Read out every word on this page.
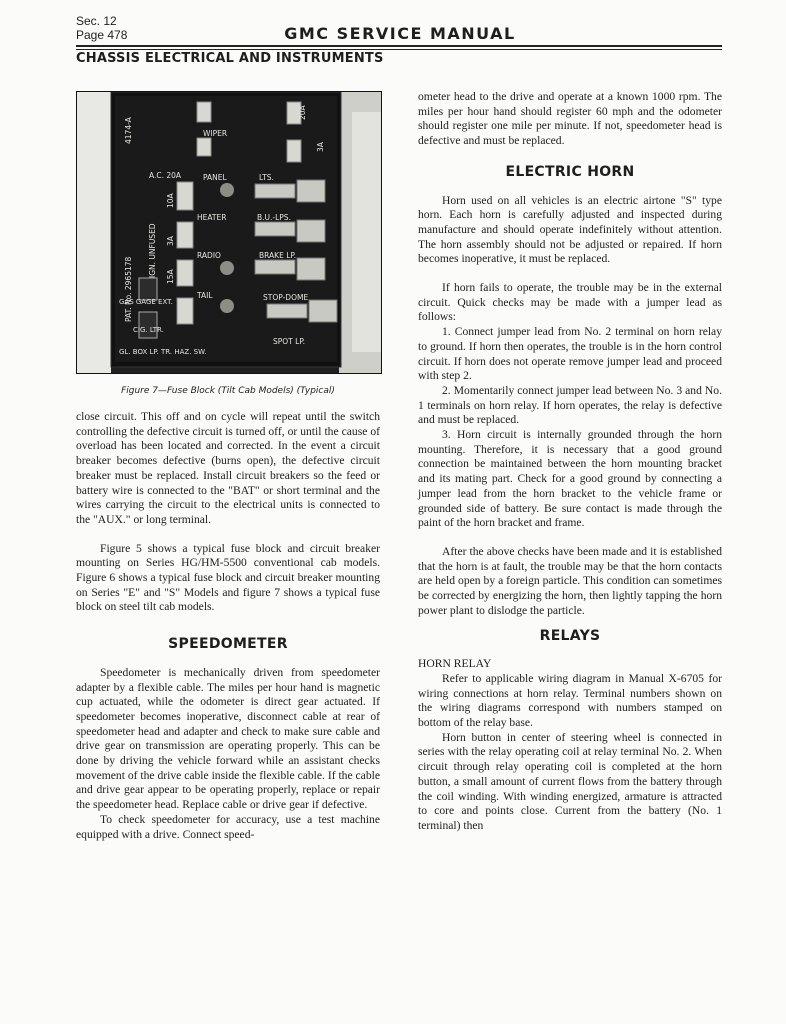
Sec. 12
Page 478	GMC SERVICE MANUAL
CHASSIS ELECTRICAL AND INSTRUMENTS
WIPER
20A
A.C. 20A	PANEL	LTS.
10A
3A
HEATER	B.U.-LPS.
RADIO	BRAKE LP.
3A
15A
TAIL	STOP-DOME
SPOT LP.
IGN. UNFUSED
PAT. No. 2965178
4174-A
GAS GAGE EXT.
CIG. LTR.
GL. BOX LP. TR. HAZ. SW.
Figure 7—Fuse Block (Tilt Cab Models) (Typical)

close circuit. This off and on cycle will repeat until the switch controlling the defective circuit is turned off, or until the cause of overload has been located and corrected. In the event a circuit breaker becomes defective (burns open), the defective circuit breaker must be replaced. Install circuit breakers so the feed or battery wire is connected to the "BAT" or short terminal and the wires carrying the circuit to the electrical units is connected to the "AUX." or long terminal.

Figure 5 shows a typical fuse block and circuit breaker mounting on Series HG/HM-5500 conventional cab models. Figure 6 shows a typical fuse block and circuit breaker mounting on Series "E" and "S" Models and figure 7 shows a typical fuse block on steel tilt cab models.

SPEEDOMETER

Speedometer is mechanically driven from speedometer adapter by a flexible cable. The miles per hour hand is magnetic cup actuated, while the odometer is direct gear actuated. If speedometer becomes inoperative, disconnect cable at rear of speedometer head and adapter and check to make sure cable and drive gear on transmission are operating properly. This can be done by driving the vehicle forward while an assistant checks movement of the drive cable inside the flexible cable. If the cable and drive gear appear to be operating properly, replace or repair the speedometer head. Replace cable or drive gear if defective.

To check speedometer for accuracy, use a test machine equipped with a drive. Connect speed-

ometer head to the drive and operate at a known 1000 rpm. The miles per hour hand should register 60 mph and the odometer should register one mile per minute. If not, speedometer head is defective and must be replaced.

ELECTRIC HORN

Horn used on all vehicles is an electric airtone "S" type horn. Each horn is carefully adjusted and inspected during manufacture and should operate indefinitely without attention. The horn assembly should not be adjusted or repaired. If horn becomes inoperative, it must be replaced.

If horn fails to operate, the trouble may be in the external circuit. Quick checks may be made with a jumper lead as follows:

1. Connect jumper lead from No. 2 terminal on horn relay to ground. If horn then operates, the trouble is in the horn control circuit. If horn does not operate remove jumper lead and proceed with step 2.

2. Momentarily connect jumper lead between No. 3 and No. 1 terminals on horn relay. If horn operates, the relay is defective and must be replaced.

3. Horn circuit is internally grounded through the horn mounting. Therefore, it is necessary that a good ground connection be maintained between the horn mounting bracket and its mating part. Check for a good ground by connecting a jumper lead from the horn bracket to the vehicle frame or grounded side of battery. Be sure contact is made through the paint of the horn bracket and frame.

After the above checks have been made and it is established that the horn is at fault, the trouble may be that the horn contacts are held open by a foreign particle. This condition can sometimes be corrected by energizing the horn, then lightly tapping the horn power plant to dislodge the particle.

RELAYS

HORN RELAY

Refer to applicable wiring diagram in Manual X-6705 for wiring connections at horn relay. Terminal numbers shown on the wiring diagrams correspond with numbers stamped on bottom of the relay base.

Horn button in center of steering wheel is connected in series with the relay operating coil at relay terminal No. 2. When circuit through relay operating coil is completed at the horn button, a small amount of current flows from the battery through the coil winding. With winding energized, armature is attracted to core and points close. Current from the battery (No. 1 terminal) then
